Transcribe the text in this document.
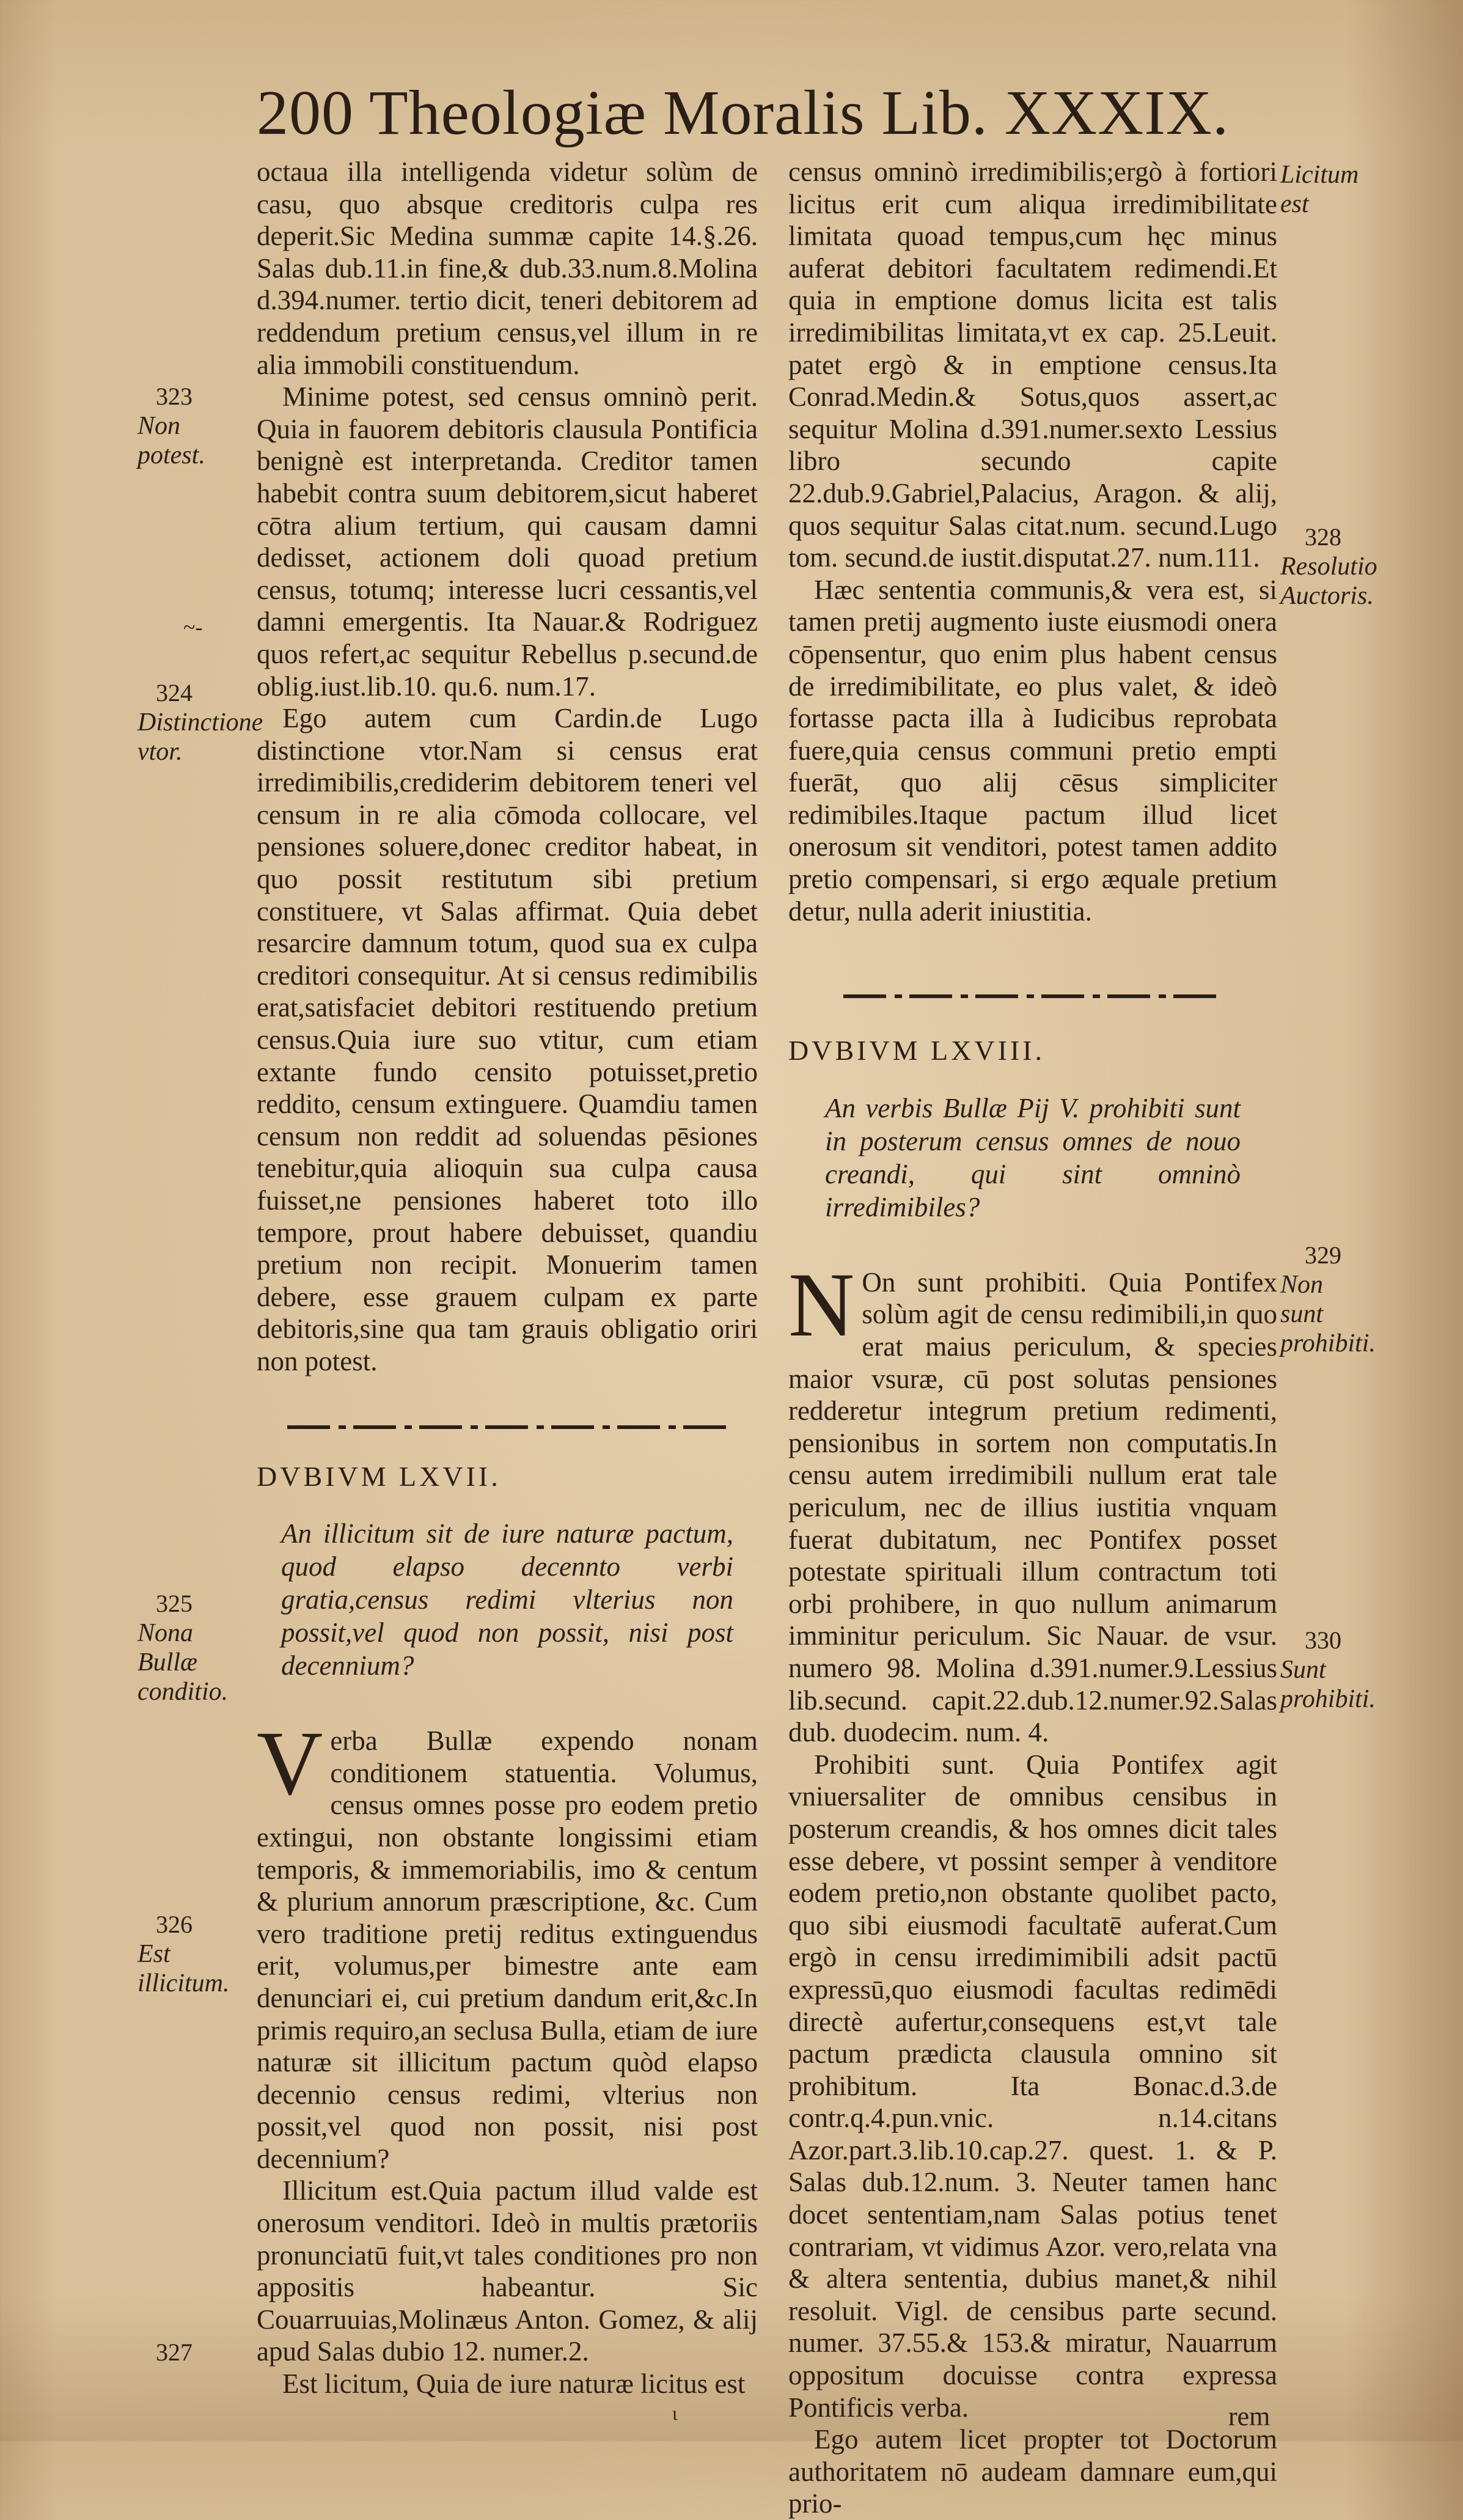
200 Theologiæ Moralis Lib. XXXIX.

octaua illa intelligenda videtur solùm de casu, quo absque creditoris culpa res deperit.Sic Medina summæ capite 14.§.26. Salas dub.11.in fine,& dub.33.num.8.Molina d.394.numer. tertio dicit, teneri debitorem ad reddendum pretium census,vel illum in re alia immobili constituendum.

Minime potest, sed census omninò perit. Quia in fauorem debitoris clausula Pontificia benignè est interpretanda. Creditor tamen habebit contra suum debitorem,sicut haberet cōtra alium tertium, qui causam damni dedisset, actionem doli quoad pretium census, totumq; interesse lucri cessantis,vel damni emergentis. Ita Nauar.& Rodriguez quos refert,ac sequitur Rebellus p.secund.de oblig.iust.lib.10. qu.6. num.17.

Ego autem cum Cardin.de Lugo distinctione vtor.Nam si census erat irredimibilis,crediderim debitorem teneri vel censum in re alia cōmoda collocare, vel pensiones soluere,donec creditor habeat, in quo possit restitutum sibi pretium constituere, vt Salas affirmat. Quia debet resarcire damnum totum, quod sua ex culpa creditori consequitur. At si census redimibilis erat,satisfaciet debitori restituendo pretium census.Quia iure suo vtitur, cum etiam extante fundo censito potuisset,pretio reddito, censum extinguere. Quamdiu tamen censum non reddit ad soluendas pēsiones tenebitur,quia alioquin sua culpa causa fuisset,ne pensiones haberet toto illo tempore, prout habere debuisset, quandiu pretium non recipit. Monuerim tamen debere, esse grauem culpam ex parte debitoris,sine qua tam grauis obligatio oriri non potest.

DVBIVM LXVII.

An illicitum sit de iure naturæ pactum, quod elapso decennto verbi gratia,census redimi vlterius non possit,vel quod non possit, nisi post decennium?

Verba Bullæ expendo nonam conditionem statuentia. Volumus, census omnes posse pro eodem pretio extingui, non obstante longissimi etiam temporis, & immemoriabilis, imo & centum & plurium annorum præscriptione, &c. Cum vero traditione pretij reditus extinguendus erit, volumus,per bimestre ante eam denunciari ei, cui pretium dandum erit,&c.In primis requiro,an seclusa Bulla, etiam de iure naturæ sit illicitum pactum quòd elapso decennio census redimi, vlterius non possit,vel quod non possit, nisi post decennium?

Illicitum est.Quia pactum illud valde est onerosum venditori. Ideò in multis prætoriis pronunciatū fuit,vt tales conditiones pro non appositis habeantur. Sic Couarruuias,Molinæus Anton. Gomez, & alij apud Salas dubio 12. numer.2.

Est licitum, Quia de iure naturæ licitus est

census omninò irredimibilis;ergò à fortiori licitus erit cum aliqua irredimibilitate limitata quoad tempus,cum hęc minus auferat debitori facultatem redimendi.Et quia in emptione domus licita est talis irredimibilitas limitata,vt ex cap. 25.Leuit. patet ergò & in emptione census.Ita Conrad.Medin.& Sotus,quos assert,ac sequitur Molina d.391.numer.sexto Lessius libro secundo capite 22.dub.9.Gabriel,Palacius, Aragon. & alij, quos sequitur Salas citat.num. secund.Lugo tom. secund.de iustit.disputat.27. num.111.

Hæc sententia communis,& vera est, si tamen pretij augmento iuste eiusmodi onera cōpensentur, quo enim plus habent census de irredimibilitate, eo plus valet, & ideò fortasse pacta illa à Iudicibus reprobata fuere,quia census communi pretio empti fuerāt, quo alij cēsus simpliciter redimibiles.Itaque pactum illud licet onerosum sit venditori, potest tamen addito pretio compensari, si ergo æquale pretium detur, nulla aderit iniustitia.

DVBIVM LXVIII.

An verbis Bullæ Pij V. prohibiti sunt in posterum census omnes de nouo creandi, qui sint omninò irredimibiles?

N On sunt prohibiti. Quia Pontifex solùm agit de censu redimibili,in quo erat maius periculum, & species maior vsuræ, cū post solutas pensiones redderetur integrum pretium redimenti, pensionibus in sortem non computatis.In censu autem irredimibili nullum erat tale periculum, nec de illius iustitia vnquam fuerat dubitatum, nec Pontifex posset potestate spirituali illum contractum toti orbi prohibere, in quo nullum animarum imminitur periculum. Sic Nauar. de vsur. numero 98. Molina d.391.numer.9.Lessius lib.secund. capit.22.dub.12.numer.92.Salas dub. duodecim. num. 4.

Prohibiti sunt. Quia Pontifex agit vniuersaliter de omnibus censibus in posterum creandis, & hos omnes dicit tales esse debere, vt possint semper à venditore eodem pretio,non obstante quolibet pacto, quo sibi eiusmodi facultatē auferat.Cum ergò in censu irredimimibili adsit pactū expressū,quo eiusmodi facultas redimēdi directè aufertur,consequens est,vt tale pactum prædicta clausula omnino sit prohibitum. Ita Bonac.d.3.de contr.q.4.pun.vnic. n.14.citans Azor.part.3.lib.10.cap.27. quest. 1. & P. Salas dub.12.num. 3. Neuter tamen hanc docet sententiam,nam Salas potius tenet contrariam, vt vidimus Azor. vero,relata vna & altera sententia, dubius manet,& nihil resoluit. Vigl. de censibus parte secund. numer. 37.55.& 153.& miratur, Nauarrum oppositum docuisse contra expressa Pontificis verba.

Ego autem licet propter tot Doctorum authoritatem nō audeam damnare eum,qui prio-

323
Non potest.
~-
324
Distinctione vtor.
325
Nona Bullæ conditio.
326
Est illicitum.
327
Licitum est
328
Resolutio Auctoris.
329
Non sunt prohibiti.
330
Sunt prohibiti.
rem
ι
